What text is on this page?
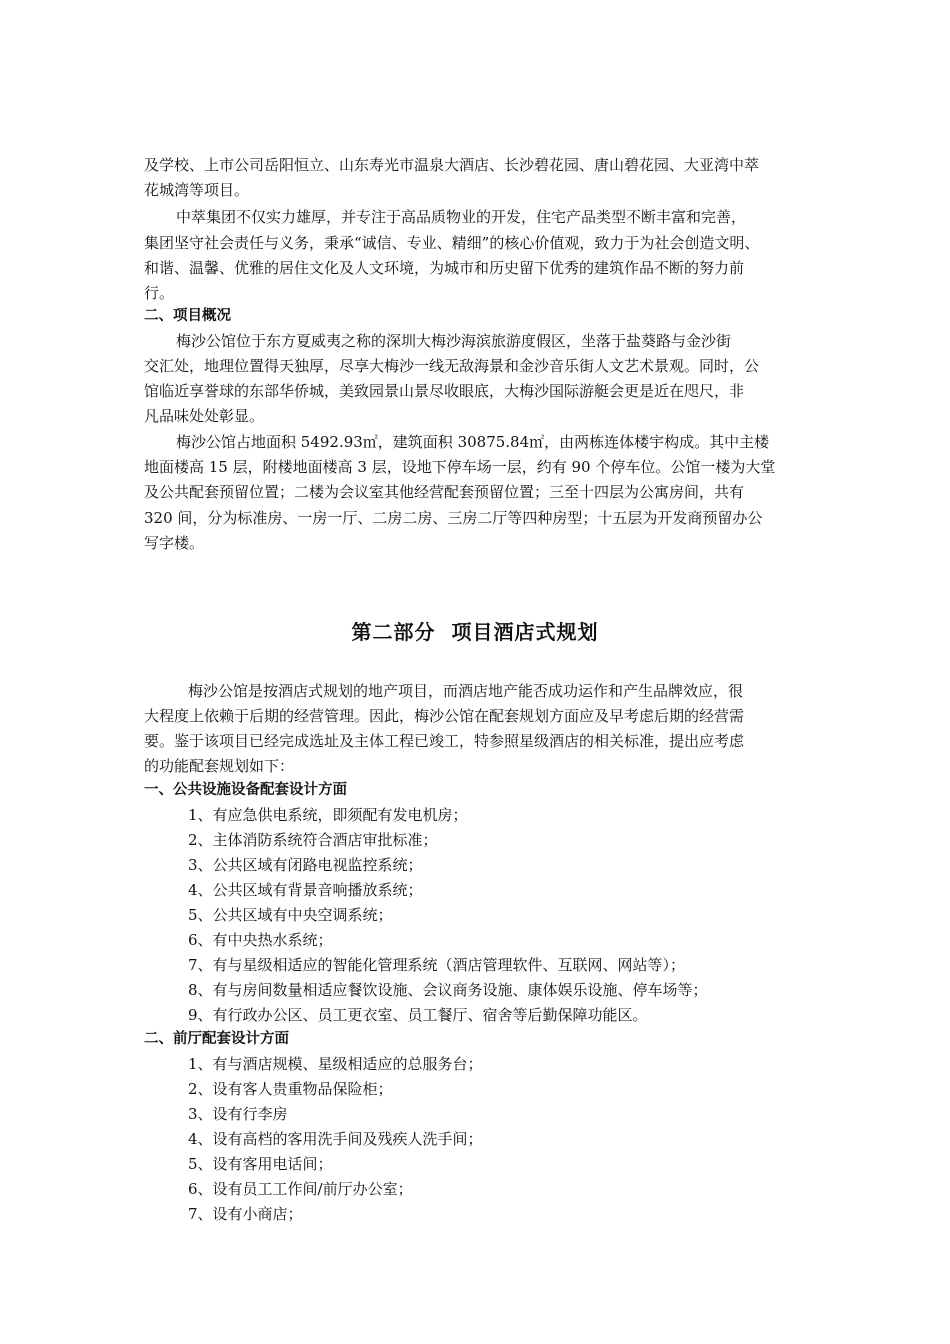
及学校、上市公司岳阳恒立、山东寿光市温泉大酒店、长沙碧花园、唐山碧花园、大亚湾中萃
花城湾等项目。
中萃集团不仅实力雄厚，并专注于高品质物业的开发，住宅产品类型不断丰富和完善，
集团坚守社会责任与义务，秉承“诚信、专业、精细”的核心价值观，致力于为社会创造文明、
和谐、温馨、优雅的居住文化及人文环境，为城市和历史留下优秀的建筑作品不断的努力前
行。
二、项目概况
梅沙公馆位于东方夏威夷之称的深圳大梅沙海滨旅游度假区，坐落于盐葵路与金沙街
交汇处，地理位置得天独厚，尽享大梅沙一线无敌海景和金沙音乐街人文艺术景观。同时，公
馆临近享誉球的东部华侨城，美致园景山景尽收眼底，大梅沙国际游艇会更是近在咫尺，非
凡品味处处彰显。
梅沙公馆占地面积 5492.93㎡，建筑面积 30875.84㎡，由两栋连体楼宇构成。其中主楼
地面楼高 15 层，附楼地面楼高 3 层，设地下停车场一层，约有 90 个停车位。公馆一楼为大堂
及公共配套预留位置；二楼为会议室其他经营配套预留位置；三至十四层为公寓房间，共有
320 间，分为标准房、一房一厅、二房二房、三房二厅等四种房型；十五层为开发商预留办公
写字楼。
第二部分  项目酒店式规划
梅沙公馆是按酒店式规划的地产项目，而酒店地产能否成功运作和产生品牌效应，很
大程度上依赖于后期的经营管理。因此，梅沙公馆在配套规划方面应及早考虑后期的经营需
要。鉴于该项目已经完成选址及主体工程已竣工，特参照星级酒店的相关标准，提出应考虑
的功能配套规划如下：
一、公共设施设备配套设计方面
1、有应急供电系统，即须配有发电机房；
2、主体消防系统符合酒店审批标准；
3、公共区域有闭路电视监控系统；
4、公共区域有背景音响播放系统；
5、公共区域有中央空调系统；
6、有中央热水系统；
7、有与星级相适应的智能化管理系统（酒店管理软件、互联网、网站等）；
8、有与房间数量相适应餐饮设施、会议商务设施、康体娱乐设施、停车场等；
9、有行政办公区、员工更衣室、员工餐厅、宿舍等后勤保障功能区。
二、前厅配套设计方面
1、有与酒店规模、星级相适应的总服务台；
2、设有客人贵重物品保险柜；
3、设有行李房
4、设有高档的客用洗手间及残疾人洗手间；
5、设有客用电话间；
6、设有员工工作间/前厅办公室；
7、设有小商店；
